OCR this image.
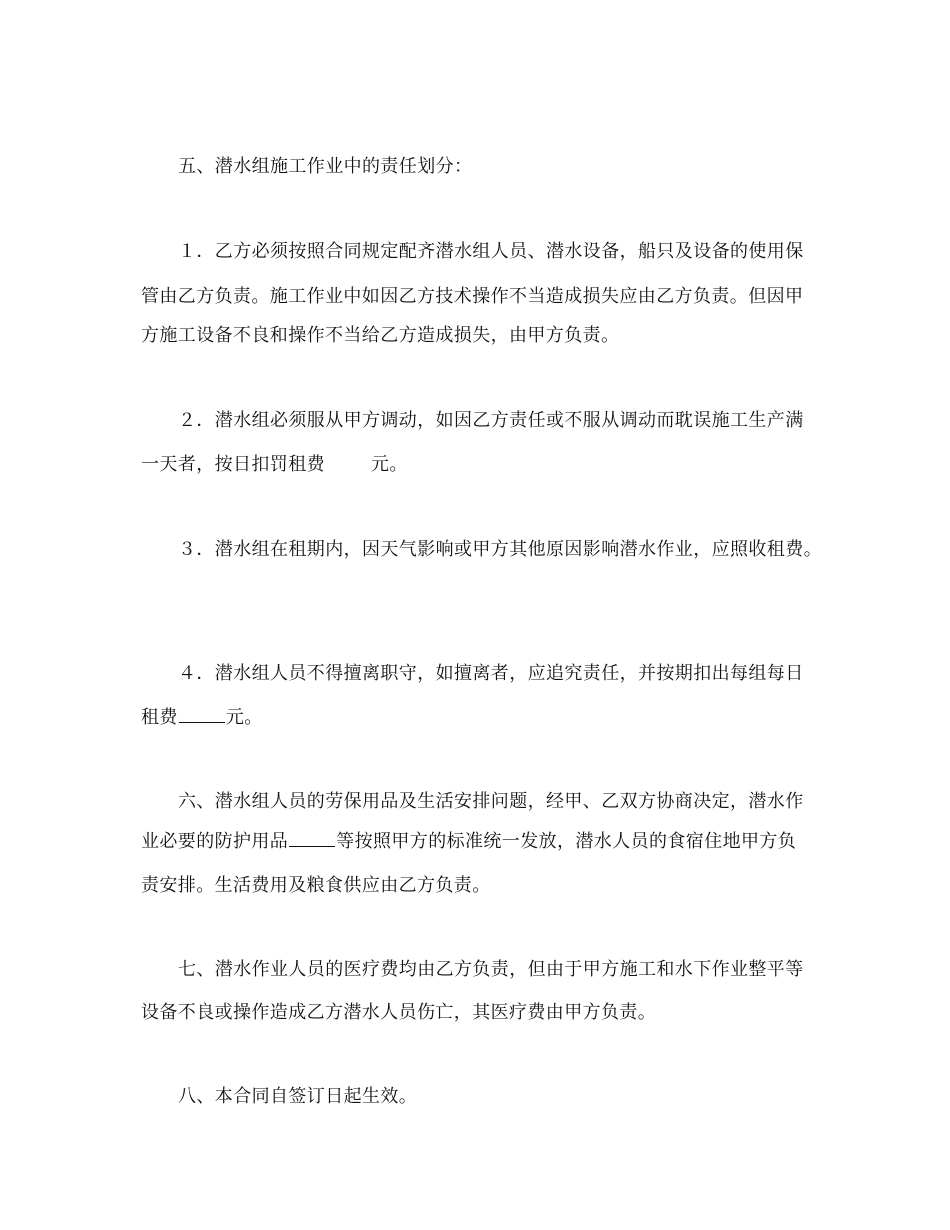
五、潜水组施工作业中的责任划分：
１．乙方必须按照合同规定配齐潜水组人员、潜水设备，船只及设备的使用保
管由乙方负责。施工作业中如因乙方技术操作不当造成损失应由乙方负责。但因甲
方施工设备不良和操作不当给乙方造成损失，由甲方负责。
２．潜水组必须服从甲方调动，如因乙方责任或不服从调动而耽误施工生产满
一天者，按日扣罚租费	元。
３．潜水组在租期内，因天气影响或甲方其他原因影响潜水作业，应照收租费。
４．潜水组人员不得擅离职守，如擅离者，应追究责任，并按期扣出每组每日
租费	元。
六、潜水组人员的劳保用品及生活安排问题，经甲、乙双方协商决定，潜水作
业必要的防护用品	等按照甲方的标准统一发放，潜水人员的食宿住地甲方负
责安排。生活费用及粮食供应由乙方负责。
七、潜水作业人员的医疗费均由乙方负责，但由于甲方施工和水下作业整平等
设备不良或操作造成乙方潜水人员伤亡，其医疗费由甲方负责。
八、本合同自签订日起生效。
